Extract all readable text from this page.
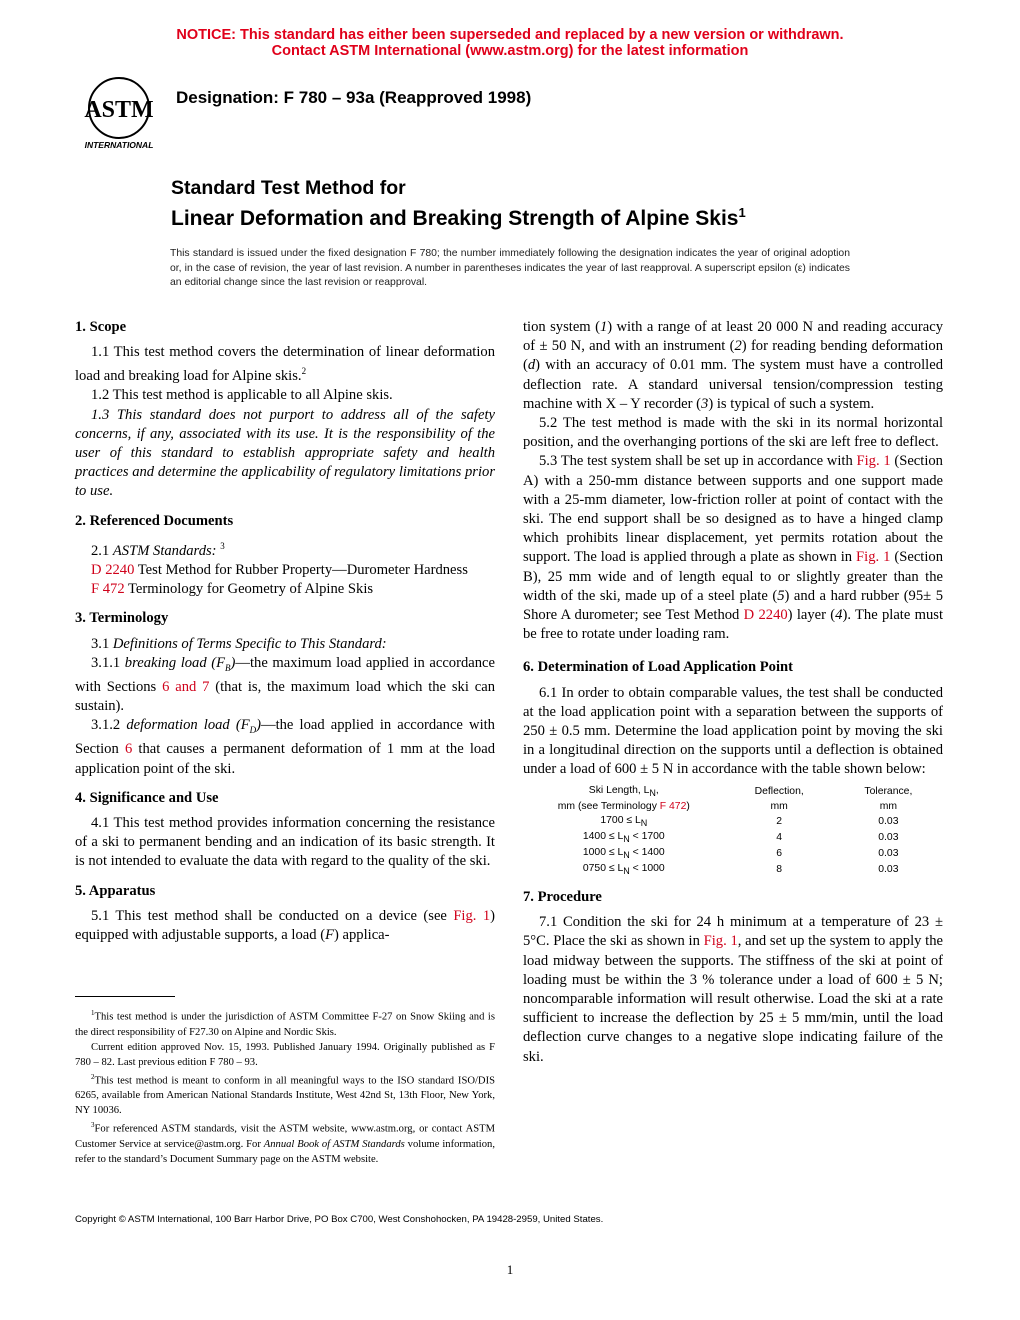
NOTICE: This standard has either been superseded and replaced by a new version or withdrawn.
Contact ASTM International (www.astm.org) for the latest information
ASTM
INTERNATIONAL
Designation: F 780 – 93a (Reapproved 1998)
Standard Test Method for
Linear Deformation and Breaking Strength of Alpine Skis$^1$
This standard is issued under the fixed designation F 780; the number immediately following the designation indicates the year of original adoption or, in the case of revision, the year of last revision. A number in parentheses indicates the year of last reapproval. A superscript epsilon (ε) indicates an editorial change since the last revision or reapproval.
1. Scope

1.1 This test method covers the determination of linear deformation load and breaking load for Alpine skis.$^2$

1.2 This test method is applicable to all Alpine skis.

1.3 This standard does not purport to address all of the safety concerns, if any, associated with its use. It is the responsibility of the user of this standard to establish appropriate safety and health practices and determine the applicability of regulatory limitations prior to use.

2. Referenced Documents

2.1 ASTM Standards: $^3$

D 2240 Test Method for Rubber Property—Durometer Hardness

F 472 Terminology for Geometry of Alpine Skis

3. Terminology

3.1 Definitions of Terms Specific to This Standard:

3.1.1 breaking load $(F_B)—the$ maximum load applied in accordance with Sections 6 and 7 (that is, the maximum load which the ski can sustain).

3.1.2 deformation load $(F_D)—the$ load applied in accordance with Section 6 that causes a permanent deformation of 1 mm at the load application point of the ski.

4. Significance and Use

4.1 This test method provides information concerning the resistance of a ski to permanent bending and an indication of its basic strength. It is not intended to evaluate the data with regard to the quality of the ski.

5. Apparatus

5.1 This test method shall be conducted on a device (see Fig. 1) equipped with adjustable supports, a load (F) applica-

$^1$This test method is under the jurisdiction of ASTM Committee F-27 on Snow Skiing and is the direct responsibility of F27.30 on Alpine and Nordic Skis.

Current edition approved Nov. 15, 1993. Published January 1994. Originally published as F 780 – 82. Last previous edition F 780 – 93.

$^2$This test method is meant to conform in all meaningful ways to the ISO standard ISO/DIS 6265, available from American National Standards Institute, West 42nd St, 13th Floor, New York, NY 10036.

$^3$For referenced ASTM standards, visit the ASTM website, www.astm.org, or contact ASTM Customer Service at service@astm.org. For Annual Book of ASTM Standards volume information, refer to the standard’s Document Summary page on the ASTM website.

tion system (1) with a range of at least 20 000 N and reading accuracy of ± 50 N, and with an instrument (2) for reading bending deformation (d) with an accuracy of 0.01 mm. The system must have a controlled deflection rate. A standard universal tension/compression testing machine with X – Y recorder (3) is typical of such a system.

5.2 The test method is made with the ski in its normal horizontal position, and the overhanging portions of the ski are left free to deflect.

5.3 The test system shall be set up in accordance with Fig. 1 (Section A) with a 250-mm distance between supports and one support made with a 25-mm diameter, low-friction roller at point of contact with the ski. The end support shall be so designed as to have a hinged clamp which prohibits linear displacement, yet permits rotation about the support. The load is applied through a plate as shown in Fig. 1 (Section B), 25 mm wide and of length equal to or slightly greater than the width of the ski, made up of a steel plate (5) and a hard rubber (95± 5 Shore A durometer; see Test Method D 2240) layer (4). The plate must be free to rotate under loading ram.

6. Determination of Load Application Point

6.1 In order to obtain comparable values, the test shall be conducted at the load application point with a separation between the supports of 250 ± 0.5 mm. Determine the load application point by moving the ski in a longitudinal direction on the supports until a deflection is obtained under a load of 600 ± 5 N in accordance with the table shown below:

Ski Length, $L_N$,	Deflection,	Tolerance,
mm (see Terminology F 472)	mm	mm
$1700 \le L_N$	2	0.03
$1400 \le L_N < 1700$	4	0.03
$1000 \le L_N < 1400$	6	0.03
$0750 \le L_N < 1000$	8	0.03
7. Procedure

7.1 Condition the ski for 24 h minimum at a temperature of 23 ± 5°C. Place the ski as shown in Fig. 1, and set up the system to apply the load midway between the supports. The stiffness of the ski at point of loading must be within the 3 % tolerance under a load of 600 ± 5 N; noncomparable information will result otherwise. Load the ski at a rate sufficient to increase the deflection by 25 ± 5 mm/min, until the load deflection curve changes to a negative slope indicating failure of the ski.

Copyright © ASTM International, 100 Barr Harbor Drive, PO Box C700, West Conshohocken, PA 19428-2959, United States.
1
